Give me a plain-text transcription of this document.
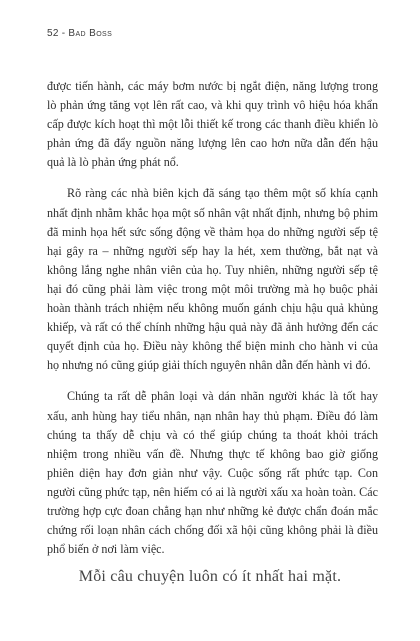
52 - Bad Boss

được tiến hành, các máy bơm nước bị ngắt điện, năng lượng trong lò phản ứng tăng vọt lên rất cao, và khi quy trình vô hiệu hóa khẩn cấp được kích hoạt thì một lỗi thiết kế trong các thanh điều khiển lò phản ứng đã đẩy nguồn năng lượng lên cao hơn nữa dẫn đến hậu quả là lò phản ứng phát nổ.

Rõ ràng các nhà biên kịch đã sáng tạo thêm một số khía cạnh nhất định nhằm khắc họa một số nhân vật nhất định, nhưng bộ phim đã minh họa hết sức sống động về thảm họa do những người sếp tệ hại gây ra – những người sếp hay la hét, xem thường, bắt nạt và không lắng nghe nhân viên của họ. Tuy nhiên, những người sếp tệ hại đó cũng phải làm việc trong một môi trường mà họ buộc phải hoàn thành trách nhiệm nếu không muốn gánh chịu hậu quả khủng khiếp, và rất có thể chính những hậu quả này đã ảnh hưởng đến các quyết định của họ. Điều này không thể biện minh cho hành vi của họ nhưng nó cũng giúp giải thích nguyên nhân dẫn đến hành vi đó.

Chúng ta rất dễ phân loại và dán nhãn người khác là tốt hay xấu, anh hùng hay tiểu nhân, nạn nhân hay thủ phạm. Điều đó làm chúng ta thấy dễ chịu và có thể giúp chúng ta thoát khỏi trách nhiệm trong nhiều vấn đề. Nhưng thực tế không bao giờ giống phiên diện hay đơn giản như vậy. Cuộc sống rất phức tạp. Con người cũng phức tạp, nên hiếm có ai là người xấu xa hoàn toàn. Các trường hợp cực đoan chẳng hạn như những kẻ được chẩn đoán mắc chứng rối loạn nhân cách chống đối xã hội cũng không phải là điều phổ biến ở nơi làm việc.

Mỗi câu chuyện luôn có ít nhất hai mặt.
